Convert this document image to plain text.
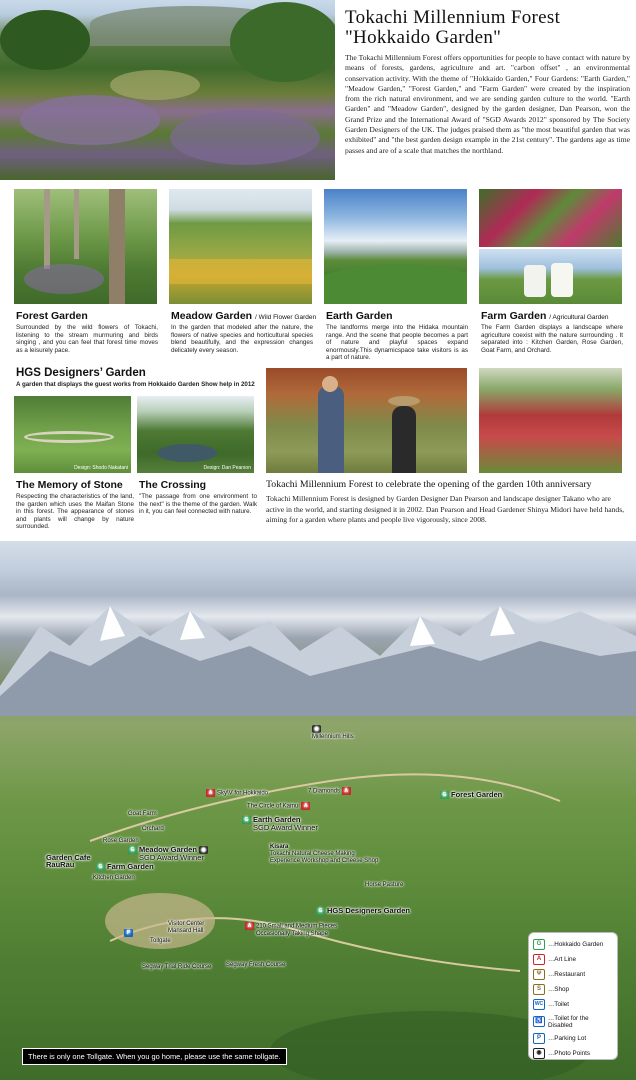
Tokachi Millennium Forest
"Hokkaido Garden"

The Tokachi Millennium Forest offers opportunities for people to have contact with nature by means of forests, gardens, agriculture and art. "carbon offset" , an environmental conservation activity. With the theme of "Hokkaido Garden," Four Gardens: "Earth Garden," "Meadow Garden," "Forest Garden," and "Farm Garden" were created by the inspiration from the rich natural environment, and we are sending garden culture to the world. "Earth Garden" and "Meadow Garden", designed by the garden designer, Dan Pearson, won the Grand Prize and the International Award of "SGD Awards 2012" sponsored by The Society Garden Designers of the UK. The judges praised them as "the most beautiful garden that was exhibited" and "the best garden design example in the 21st century". The gardens age as time passes and are of a scale that matches the northland.

Forest Garden

Surrounded by the wild flowers of Tokachi, listening to the stream murmuring and birds singing , and you can feel that forest time moves as a leisurely pace.

Meadow Garden / Wild Flower Garden

In the garden that modeled after the nature, the flowers of native species and horticultural species blend beautifully, and the expression changes delicately every season.

Earth Garden

The landforms merge into the Hidaka mountain range. And the scene that people becomes a part of nature and playful spaces expand enormously.This dynamicspace take visitors is as a part of nature.

Farm Garden / Agricultural Garden

The Farm Garden displays a landscape where agriculture coexist with the nature surrounding . It separated into : Kitchen Garden, Rose Garden, Goat Farm, and Orchard.

HGS Designers’ Garden
A garden that displays the guest works from Hokkaido Garden Show help in 2012
Design: Shodo Nakatani
The Memory of Stone

Respecting the characteristics of the land, the garden which uses the Maifan Stone in this forest. The appearance of stones and plants will change by nature surrounded.

Design: Dan Pearson
The Crossing

"The passage from one environment to the next" is the theme of the garden. Walk in it, you can feel connected with nature.

Tokachi Millennium Forest to celebrate the opening of the garden 10th anniversary

Tokachi Millennium Forest is designed by Garden Designer Dan Pearson and landscape designer Takano who are active in the world, and starting designed it in 2002. Dan Pearson and Head Gardener Shinya Midori have held hands, aiming for a garden where plants and people live vigorously, since 2008.

◉
Millennium Hills
A Sky\V for Hokkaido	7 Diamonds A
The Circle of Kamui A
G Forest Garden
Goat Farm
Orchard
G Earth Garden
SGD Award Winner
Rose Garden
G Meadow Garden ◉
SGD Award Winner
Kisara
Tokachi Natural Cheese Making
Experience Workshop and Cheese Shop
Garden Cafe
RauRau	G Farm Garden
Kitchen Garden
Horse Pasture
Visitor Center
Mansard Hall
A 210 Small and Medium Pieces
Occasionally Taking Shape
G HGS Designers Garden
P
Tollgate
Segway Trial Ride Course Segway Fresh Course
G	…Hokkaido Garden
A	…Art Line
Ψ	…Restaurant
S	…Shop
WC …Toilet
♿ …Toilet for the Disabled
P	…Parking Lot
◉	…Photo Points
There is only one Tollgate. When you go home, please use the same tollgate.
